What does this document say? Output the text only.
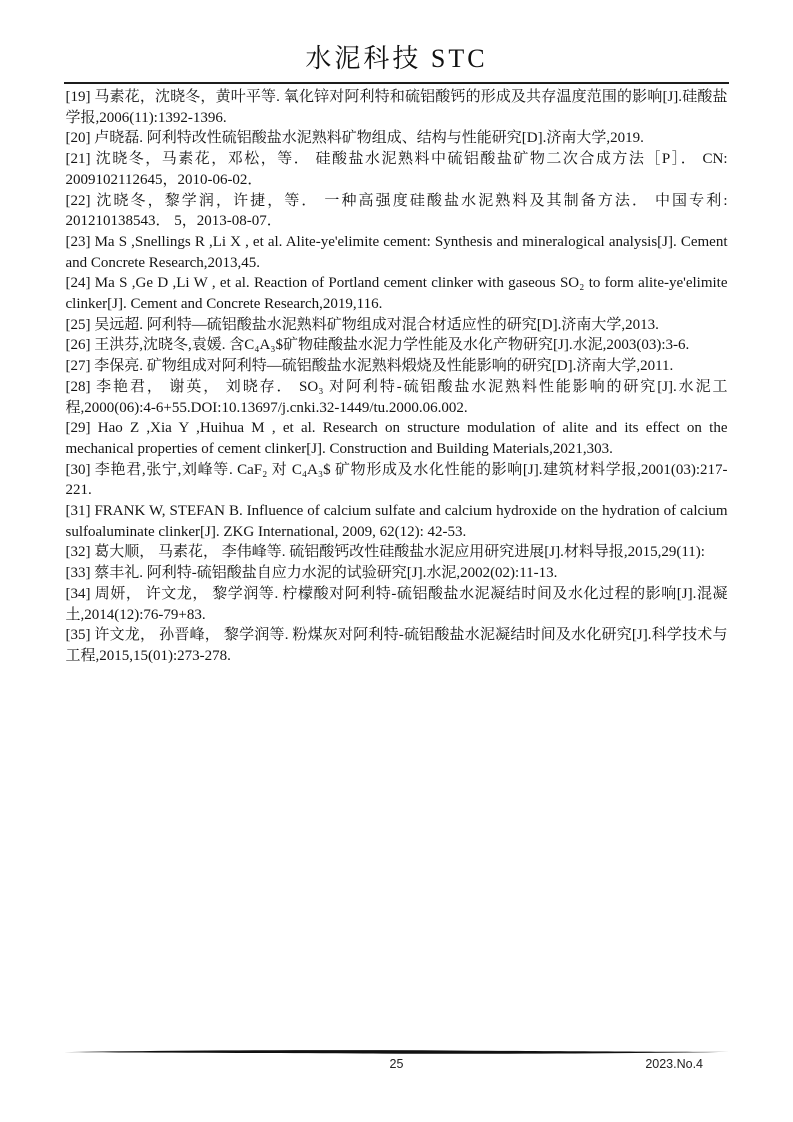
水泥科技 STC

[19] 马素花，沈晓冬，黄叶平等. 氧化锌对阿利特和硫铝酸钙的形成及共存温度范围的影响[J].硅酸盐学报,2006(11):1392-1396.

[20] 卢晓磊. 阿利特改性硫铝酸盐水泥熟料矿物组成、结构与性能研究[D].济南大学,2019.

[21] 沈晓冬，马素花，邓松，等． 硅酸盐水泥熟料中硫铝酸盐矿物二次合成方法［P］． CN: 2009102112645，2010-06-02．

[22] 沈晓冬，黎学润，许捷，等． 一种高强度硅酸盐水泥熟料及其制备方法． 中国专利: 201210138543． 5，2013-08-07．

[23] Ma S ,Snellings R ,Li X , et al. Alite-ye'elimite cement: Synthesis and mineralogical analysis[J]. Cement and Concrete Research,2013,45.

[24] Ma S ,Ge D ,Li W , et al. Reaction of Portland cement clinker with gaseous SO₂ to form alite-ye'elimite clinker[J]. Cement and Concrete Research,2019,116.

[25] 吴远超. 阿利特—硫铝酸盐水泥熟料矿物组成对混合材适应性的研究[D].济南大学,2013.

[26] 王洪芬,沈晓冬,袁媛. 含C₄A₃$矿物硅酸盐水泥力学性能及水化产物研究[J].水泥,2003(03):3-6.

[27] 李保亮. 矿物组成对阿利特—硫铝酸盐水泥熟料煅烧及性能影响的研究[D].济南大学,2011.

[28] 李艳君， 谢英， 刘晓存． SO₃ 对阿利特-硫铝酸盐水泥熟料性能影响的研究[J].水泥工程,2000(06):4-6+55.DOI:10.13697/j.cnki.32-1449/tu.2000.06.002.

[29] Hao Z ,Xia Y ,Huihua M , et al. Research on structure modulation of alite and its effect on the mechanical properties of cement clinker[J]. Construction and Building Materials,2021,303.

[30] 李艳君,张宁,刘峰等. CaF₂ 对 C₄A₃$ 矿物形成及水化性能的影响[J].建筑材料学报,2001(03):217-221.

[31] FRANK W, STEFAN B. Influence of calcium sulfate and calcium hydroxide on the hydration of calcium sulfoaluminate clinker[J]. ZKG International, 2009, 62(12): 42-53.

[32] 葛大顺， 马素花， 李伟峰等. 硫铝酸钙改性硅酸盐水泥应用研究进展[J].材料导报,2015,29(11):

[33] 蔡丰礼. 阿利特-硫铝酸盐自应力水泥的试验研究[J].水泥,2002(02):11-13.

[34] 周妍， 许文龙， 黎学润等. 柠檬酸对阿利特-硫铝酸盐水泥凝结时间及水化过程的影响[J].混凝土,2014(12):76-79+83.

[35] 许文龙， 孙晋峰， 黎学润等. 粉煤灰对阿利特-硫铝酸盐水泥凝结时间及水化研究[J].科学技术与工程,2015,15(01):273-278.

25	2023.No.4
